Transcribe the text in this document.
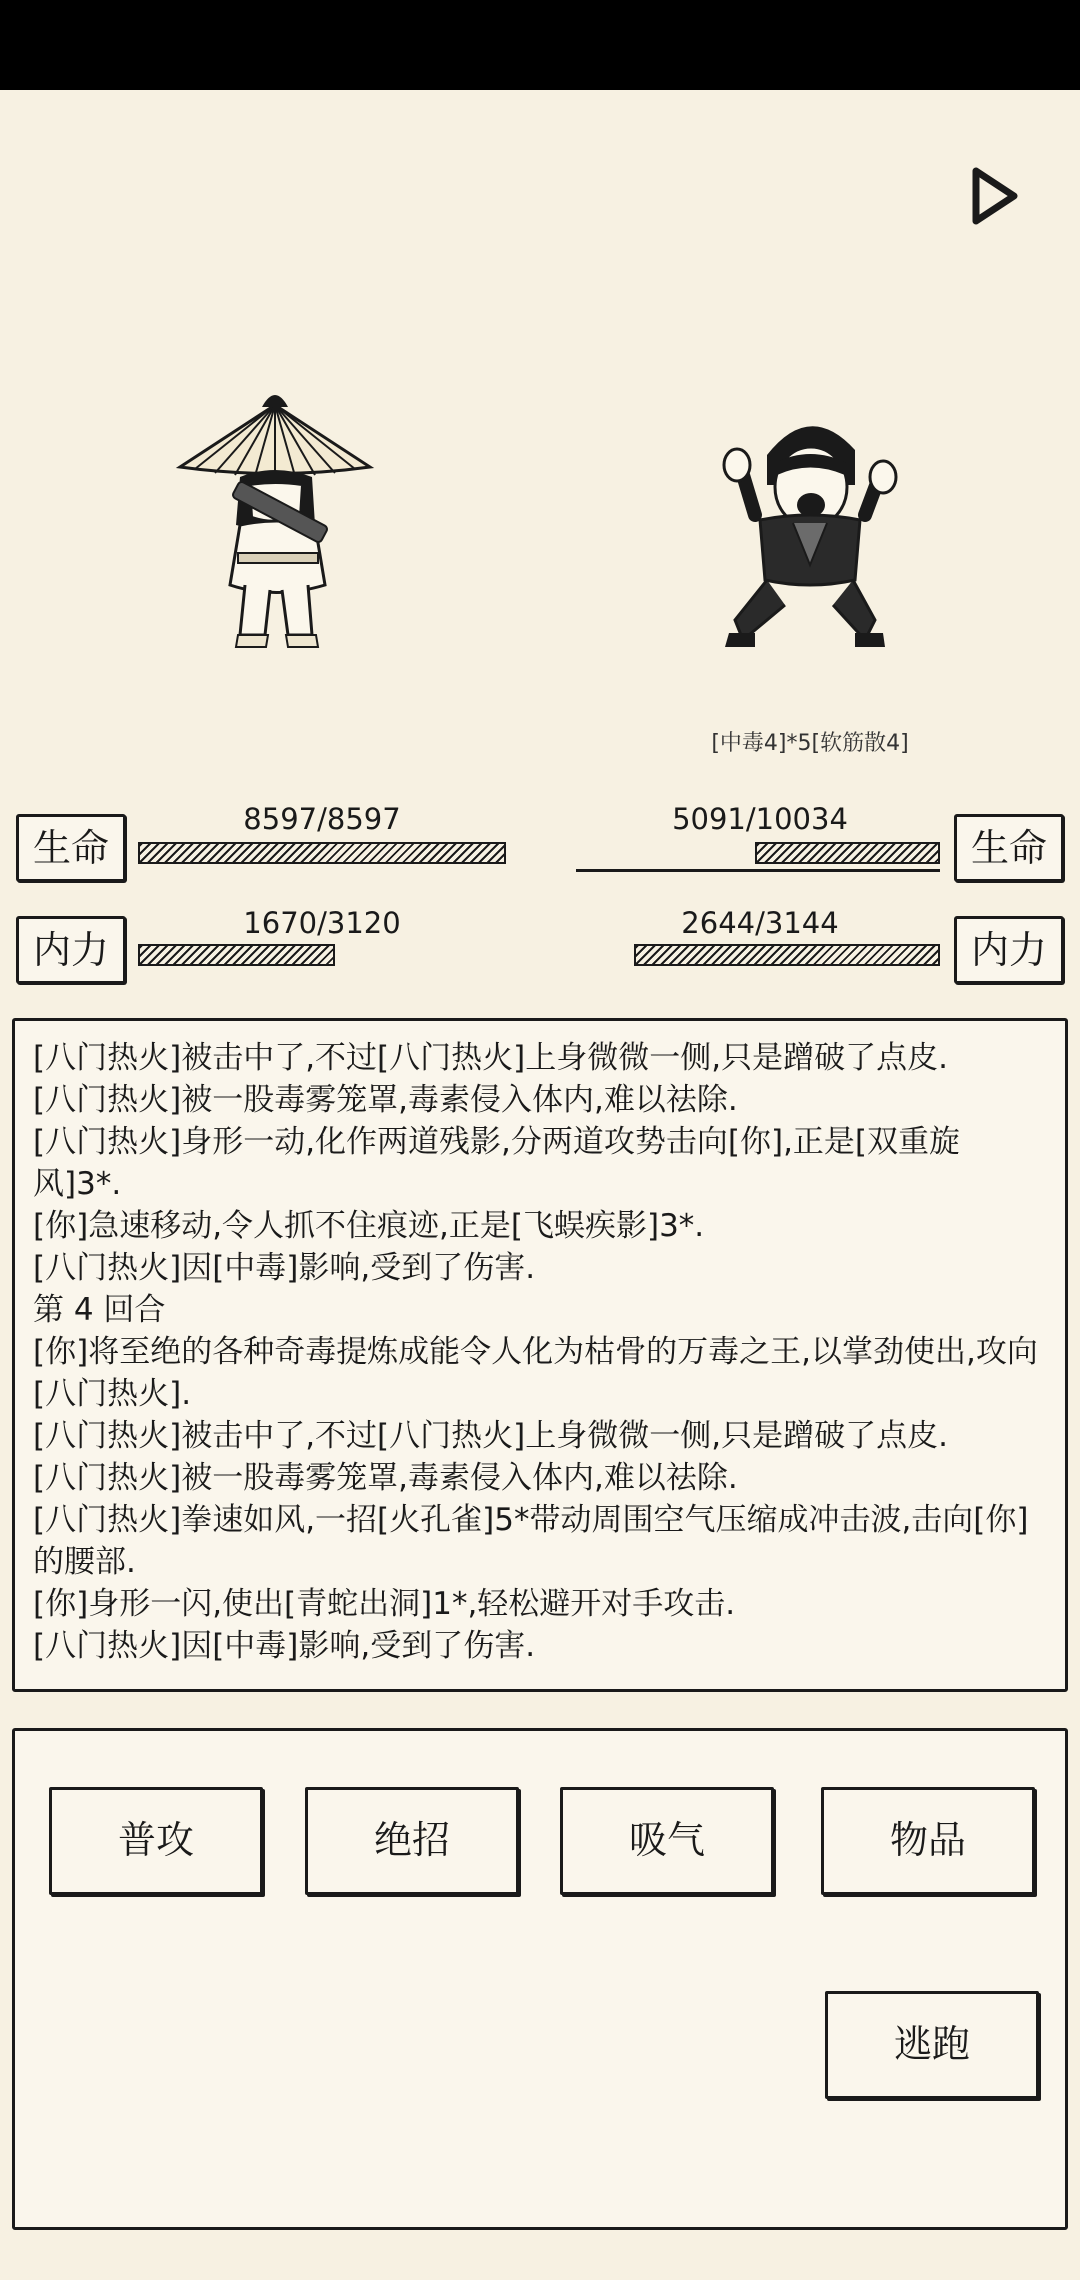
[中毒4]*5[软筋散4]
生命
8597/8597
生命
5091/10034
内力
1670/3120
内力
2644/3144
[八门热火]被击中了,不过[八门热火]上身微微一侧,只是蹭破了点皮.
[八门热火]被一股毒雾笼罩,毒素侵入体内,难以祛除.
[八门热火]身形一动,化作两道残影,分两道攻势击向[你],正是[双重旋风]3*.
[你]急速移动,令人抓不住痕迹,正是[飞蜈疾影]3*.
[八门热火]因[中毒]影响,受到了伤害.
第 4 回合
[你]将至绝的各种奇毒提炼成能令人化为枯骨的万毒之王,以掌劲使出,攻向[八门热火].
[八门热火]被击中了,不过[八门热火]上身微微一侧,只是蹭破了点皮.
[八门热火]被一股毒雾笼罩,毒素侵入体内,难以祛除.
[八门热火]拳速如风,一招[火孔雀]5*带动周围空气压缩成冲击波,击向[你]的腰部.
[你]身形一闪,使出[青蛇出洞]1*,轻松避开对手攻击.
[八门热火]因[中毒]影响,受到了伤害.
普攻	绝招	吸气	物品
逃跑
